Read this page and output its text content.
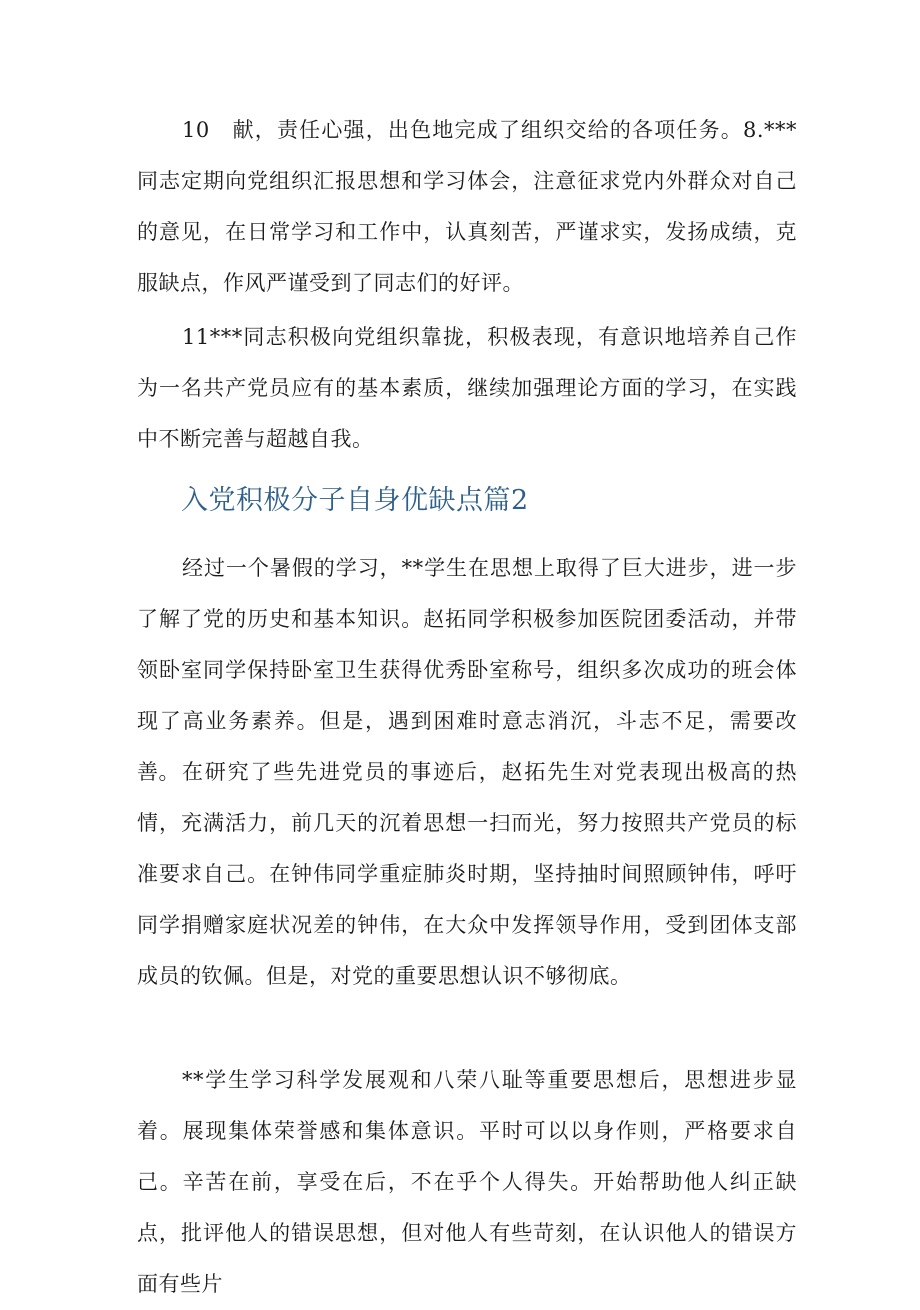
10　献，责任心强，出色地完成了组织交给的各项任务。8.***同志定期向党组织汇报思想和学习体会，注意征求党内外群众对自己的意见，在日常学习和工作中，认真刻苦，严谨求实，发扬成绩，克服缺点，作风严谨受到了同志们的好评。

11***同志积极向党组织靠拢，积极表现，有意识地培养自己作为一名共产党员应有的基本素质，继续加强理论方面的学习，在实践中不断完善与超越自我。

入党积极分子自身优缺点篇2

经过一个暑假的学习，**学生在思想上取得了巨大进步，进一步了解了党的历史和基本知识。赵拓同学积极参加医院团委活动，并带领卧室同学保持卧室卫生获得优秀卧室称号，组织多次成功的班会体现了高业务素养。但是，遇到困难时意志消沉，斗志不足，需要改善。 在研究了些先进党员的事迹后，赵拓先生对党表现出极高的热情，充满活力，前几天的沉着思想一扫而光，努力按照共产党员的标准要求自己。在钟伟同学重症肺炎时期，坚持抽时间照顾钟伟，呼吁同学捐赠家庭状况差的钟伟，在大众中发挥领导作用，受到团体支部成员的钦佩。但是，对党的重要思想认识不够彻底。

**学生学习科学发展观和八荣八耻等重要思想后，思想进步显着。展现集体荣誉感和集体意识。平时可以以身作则，严格要求自己。辛苦在前，享受在后，不在乎个人得失。开始帮助他人纠正缺点，批评他人的错误思想，但对他人有些苛刻，在认识他人的错误方面有些片
